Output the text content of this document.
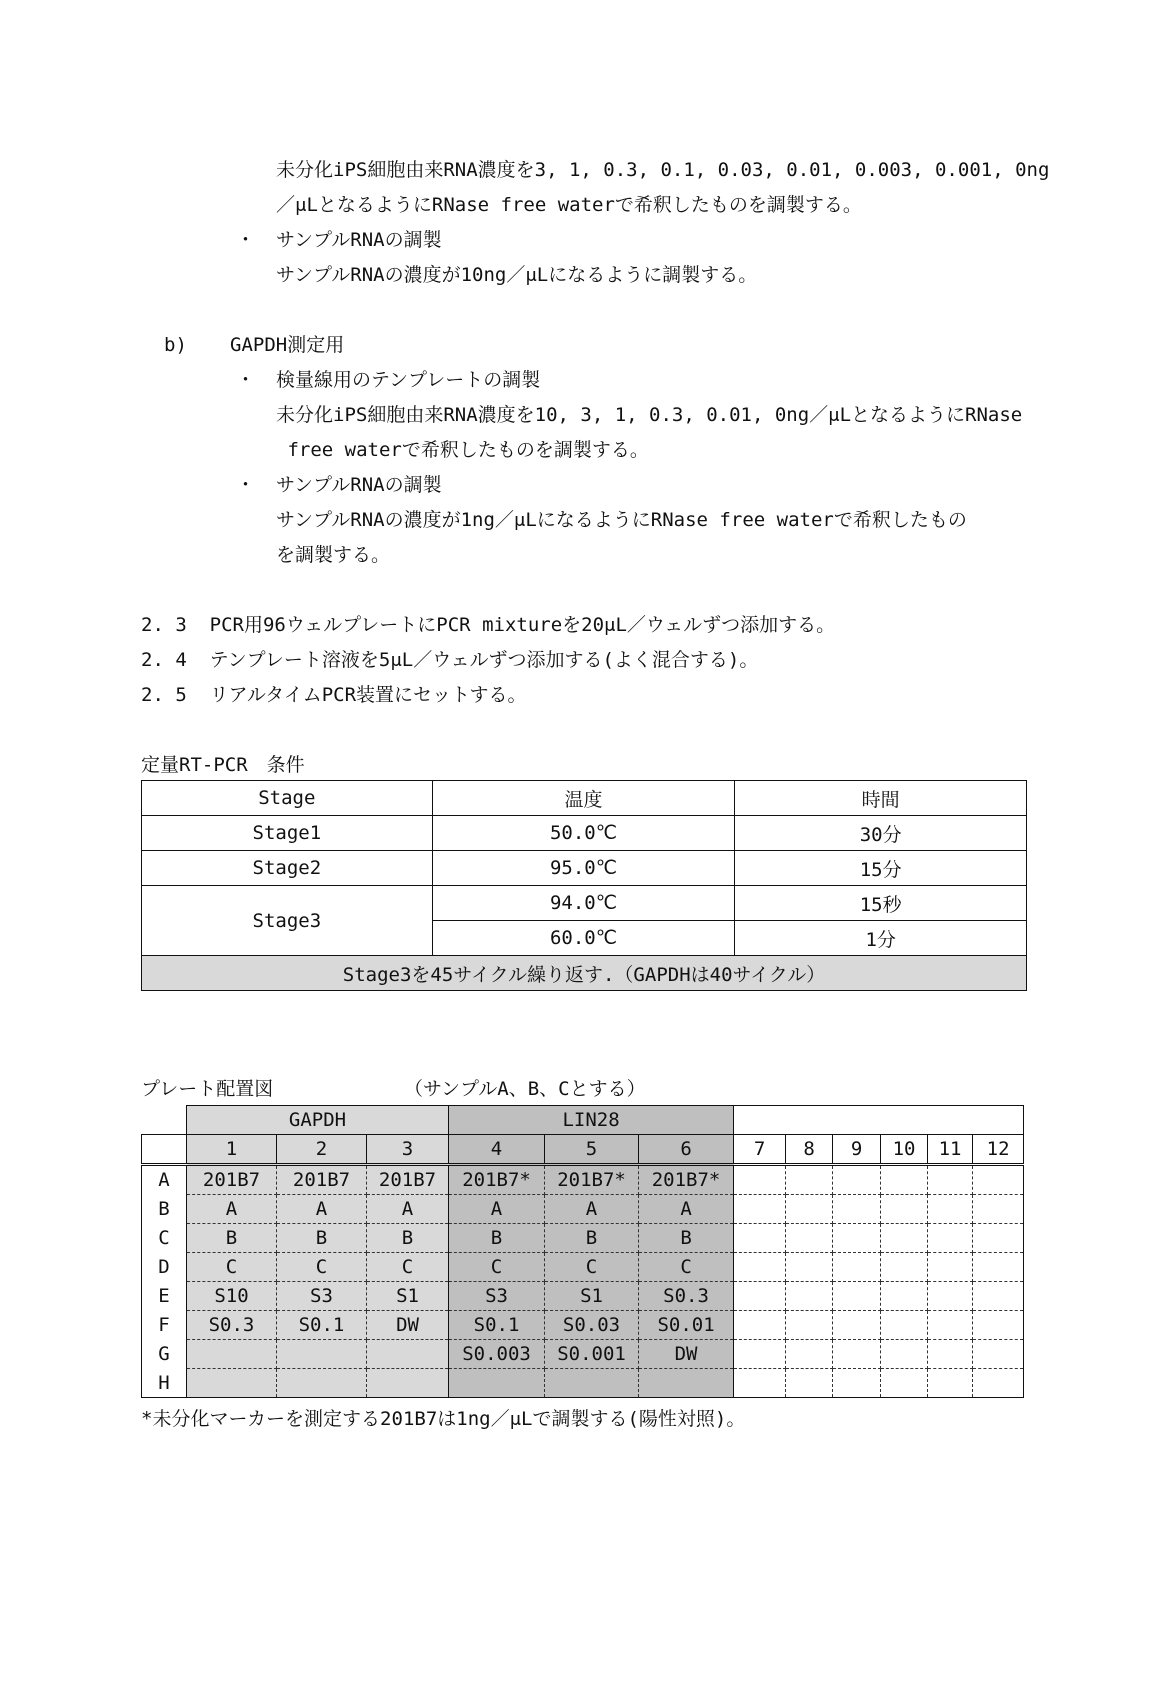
未分化iPS細胞由来RNA濃度を3, 1, 0.3, 0.1, 0.03, 0.01, 0.003, 0.001, 0ng
／μLとなるようにRNase free waterで希釈したものを調製する。
・ サンプルRNAの調製
サンプルRNAの濃度が10ng／μLになるように調製する。
b) GAPDH測定用
・ 検量線用のテンプレートの調製
未分化iPS細胞由来RNA濃度を10, 3, 1, 0.3, 0.01, 0ng／μLとなるようにRNase
free waterで希釈したものを調製する。
・ サンプルRNAの調製
サンプルRNAの濃度が1ng／μLになるようにRNase free waterで希釈したもの
を調製する。
2. 3  PCR用96ウェルプレートにPCR mixtureを20μL／ウェルずつ添加する。
2. 4  テンプレート溶液を5μL／ウェルずつ添加する(よく混合する)。
2. 5  リアルタイムPCR装置にセットする。
定量RT-PCR　条件
Stage	温度	時間
Stage1	50.0℃	30分
Stage2	95.0℃	15分
Stage3	94.0℃	15秒
	60.0℃	1分
Stage3を45サイクル繰り返す.（GAPDHは40サイクル）		
プレート配置図	（サンプルA、B、Cとする）
	GAPDH			LIN28								
	1	2	3	4	5	6	7	8	9	10	11	12
A	201B7	201B7	201B7	201B7*	201B7*	201B7*						
B	A	A	A	A	A	A						
C	B	B	B	B	B	B						
D	C	C	C	C	C	C						
E	S10	S3	S1	S3	S1	S0.3						
F	S0.3	S0.1	DW	S0.1	S0.03	S0.01						
G				S0.003	S0.001	DW						
H												
*未分化マーカーを測定する201B7は1ng／μLで調製する(陽性対照)。
